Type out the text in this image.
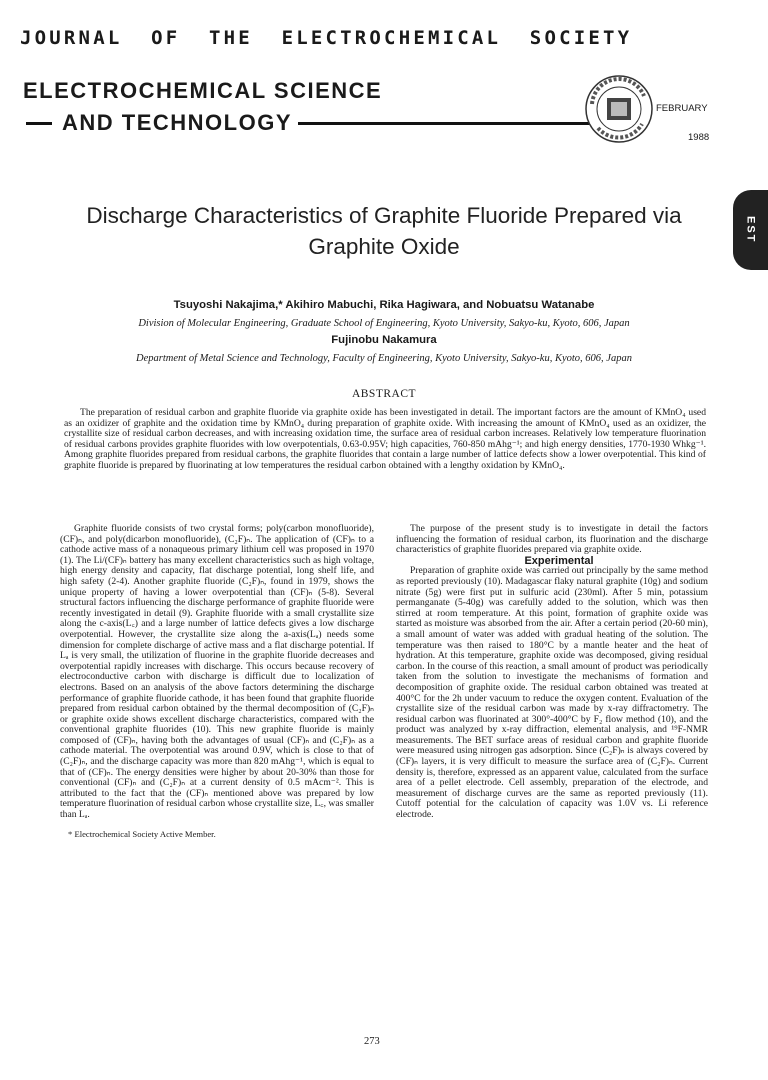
JOURNAL OF THE ELECTROCHEMICAL SOCIETY
ELECTROCHEMICAL SCIENCE
AND TECHNOLOGY
FEBRUARY
1988
EST
Discharge Characteristics of Graphite Fluoride Prepared via Graphite Oxide
Tsuyoshi Nakajima,* Akihiro Mabuchi, Rika Hagiwara, and Nobuatsu Watanabe
Division of Molecular Engineering, Graduate School of Engineering, Kyoto University, Sakyo-ku, Kyoto, 606, Japan
Fujinobu Nakamura
Department of Metal Science and Technology, Faculty of Engineering, Kyoto University, Sakyo-ku, Kyoto, 606, Japan
ABSTRACT
The preparation of residual carbon and graphite fluoride via graphite oxide has been investigated in detail. The important factors are the amount of KMnO₄ used as an oxidizer of graphite and the oxidation time by KMnO₄ during preparation of graphite oxide. With increasing the amount of KMnO₄ used as an oxidizer, the crystallite size of residual carbon decreases, and with increasing oxidation time, the surface area of residual carbon increases. Relatively low temperature fluorination of residual carbons provides graphite fluorides with low overpotentials, 0.63-0.95V; high capacities, 760-850 mAhg⁻¹; and high energy densities, 1770-1930 Whkg⁻¹. Among graphite fluorides prepared from residual carbons, the graphite fluorides that contain a large number of lattice defects show a lower overpotential. This kind of graphite fluoride is prepared by fluorinating at low temperatures the residual carbon obtained with a lengthy oxidation by KMnO₄.

Graphite fluoride consists of two crystal forms; poly(carbon monofluoride), (CF)ₙ, and poly(dicarbon monofluoride), (C₂F)ₙ. The application of (CF)ₙ to a cathode active mass of a nonaqueous primary lithium cell was proposed in 1970 (1). The Li/(CF)ₙ battery has many excellent characteristics such as high voltage, high energy density and capacity, flat discharge potential, long shelf life, and high safety (2-4). Another graphite fluoride (C₂F)ₙ, found in 1979, shows the unique property of having a lower overpotential than (CF)ₙ (5-8). Several structural factors influencing the discharge performance of graphite fluoride were recently investigated in detail (9). Graphite fluoride with a small crystallite size along the c-axis(L꜀) and a large number of lattice defects gives a low discharge overpotential. However, the crystallite size along the a-axis(Lₐ) needs some dimension for complete discharge of active mass and a flat discharge potential. If Lₐ is very small, the utilization of fluorine in the graphite fluoride decreases and overpotential rapidly increases with discharge. This occurs because recovery of electroconductive carbon with discharge is difficult due to localization of electrons. Based on an analysis of the above factors determining the discharge performance of graphite fluoride cathode, it has been found that graphite fluoride prepared from residual carbon obtained by the thermal decomposition of (C₂F)ₙ or graphite oxide shows excellent discharge characteristics, compared with the conventional graphite fluorides (10). This new graphite fluoride is mainly composed of (CF)ₙ, having both the advantages of usual (CF)ₙ and (C₂F)ₙ as a cathode material. The overpotential was around 0.9V, which is close to that of (C₂F)ₙ, and the discharge capacity was more than 820 mAhg⁻¹, which is equal to that of (CF)ₙ. The energy densities were higher by about 20-30% than those for conventional (CF)ₙ and (C₂F)ₙ at a current density of 0.5 mAcm⁻². This is attributed to the fact that the (CF)ₙ mentioned above was prepared by low temperature fluorination of residual carbon whose crystallite size, L꜀, was smaller than Lₐ.

* Electrochemical Society Active Member.

The purpose of the present study is to investigate in detail the factors influencing the formation of residual carbon, its fluorination and the discharge characteristics of graphite fluorides prepared via graphite oxide.

Experimental

Preparation of graphite oxide was carried out principally by the same method as reported previously (10). Madagascar flaky natural graphite (10g) and sodium nitrate (5g) were first put in sulfuric acid (230ml). After 5 min, potassium permanganate (5-40g) was carefully added to the solution, which was then stirred at room temperature. At this point, formation of graphite oxide was started as moisture was absorbed from the air. After a certain period (20-60 min), a small amount of water was added with gradual heating of the solution. The temperature was then raised to 180°C by a mantle heater and the heat of hydration. At this temperature, graphite oxide was decomposed, giving residual carbon. In the course of this reaction, a small amount of product was periodically taken from the solution to investigate the mechanisms of formation and decomposition of graphite oxide. The residual carbon obtained was treated at 400°C for the 2h under vacuum to reduce the oxygen content. Evaluation of the crystallite size of the residual carbon was made by x-ray diffractometry. The residual carbon was fluorinated at 300°-400°C by F₂ flow method (10), and the product was analyzed by x-ray diffraction, elemental analysis, and ¹⁹F-NMR measurements. The BET surface areas of residual carbon and graphite fluoride were measured using nitrogen gas adsorption. Since (C₂F)ₙ is always covered by (CF)ₙ layers, it is very difficult to measure the surface area of (C₂F)ₙ. Current density is, therefore, expressed as an apparent value, calculated from the surface area of a pellet electrode. Cell assembly, preparation of the electrode, and measurement of discharge curves are the same as reported previously (11). Cutoff potential for the calculation of capacity was 1.0V vs. Li reference electrode.

273
